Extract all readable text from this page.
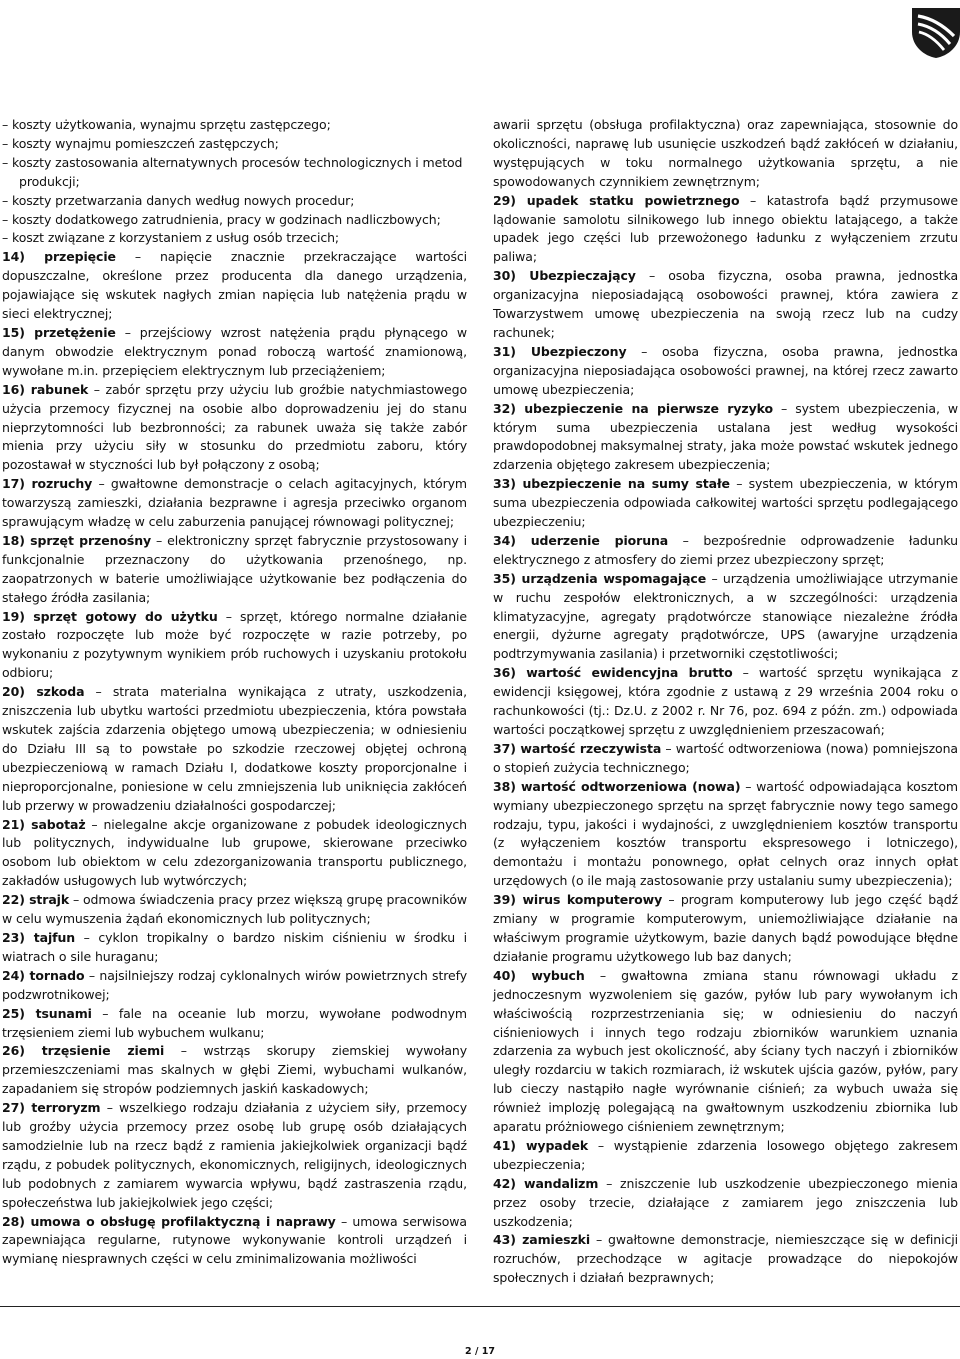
– koszty użytkowania, wynajmu sprzętu zastępczego;

– koszty wynajmu pomieszczeń zastępczych;

– koszty zastosowania alternatywnych procesów technologicznych i metod produkcji;

– koszty przetwarzania danych według nowych procedur;

– koszty dodatkowego zatrudnienia, pracy w godzinach nadliczbowych;

– koszt związane z korzystaniem z usług osób trzecich;

14) przepięcie – napięcie znacznie przekraczające wartości dopuszczalne, określone przez producenta dla danego urządzenia, pojawiające się wskutek nagłych zmian napięcia lub natężenia prądu w sieci elektrycznej;

15) przetężenie – przejściowy wzrost natężenia prądu płynącego w danym obwodzie elektrycznym ponad roboczą wartość znamionową, wywołane m.in. przepięciem elektrycznym lub przeciążeniem;

16) rabunek – zabór sprzętu przy użyciu lub groźbie natychmiastowego użycia przemocy fizycznej na osobie albo doprowadzeniu jej do stanu nieprzytomności lub bezbronności; za rabunek uważa się także zabór mienia przy użyciu siły w stosunku do przedmiotu zaboru, który pozostawał w styczności lub był połączony z osobą;

17) rozruchy – gwałtowne demonstracje o celach agitacyjnych, którym towarzyszą zamieszki, działania bezprawne i agresja przeciwko organom sprawującym władzę w celu zaburzenia panującej równowagi politycznej;

18) sprzęt przenośny – elektroniczny sprzęt fabrycznie przystosowany i funkcjonalnie przeznaczony do użytkowania przenośnego, np. zaopatrzonych w baterie umożliwiające użytkowanie bez podłączenia do stałego źródła zasilania;

19) sprzęt gotowy do użytku – sprzęt, którego normalne działanie zostało rozpoczęte lub może być rozpoczęte w razie potrzeby, po wykonaniu z pozytywnym wynikiem prób ruchowych i uzyskaniu protokołu odbioru;

20) szkoda – strata materialna wynikająca z utraty, uszkodzenia, zniszczenia lub ubytku wartości przedmiotu ubezpieczenia, która powstała wskutek zajścia zdarzenia objętego umową ubezpieczenia; w odniesieniu do Działu III są to powstałe po szkodzie rzeczowej objętej ochroną ubezpieczeniową w ramach Działu I, dodatkowe koszty proporcjonalne i nieproporcjonalne, poniesione w celu zmniejszenia lub uniknięcia zakłóceń lub przerwy w prowadzeniu działalności gospodarczej;

21) sabotaż – nielegalne akcje organizowane z pobudek ideologicznych lub politycznych, indywidualne lub grupowe, skierowane przeciwko osobom lub obiektom w celu zdezorganizowania transportu publicznego, zakładów usługowych lub wytwórczych;

22) strajk – odmowa świadczenia pracy przez większą grupę pracowników w celu wymuszenia żądań ekonomicznych lub politycznych;

23) tajfun – cyklon tropikalny o bardzo niskim ciśnieniu w środku i wiatrach o sile huraganu;

24) tornado – najsilniejszy rodzaj cyklonalnych wirów powietrznych strefy podzwrotnikowej;

25) tsunami – fale na oceanie lub morzu, wywołane podwodnym trzęsieniem ziemi lub wybuchem wulkanu;

26) trzęsienie ziemi – wstrząs skorupy ziemskiej wywołany przemieszczeniami mas skalnych w głębi Ziemi, wybuchami wulkanów, zapadaniem się stropów podziemnych jaskiń kaskadowych;

27) terroryzm – wszelkiego rodzaju działania z użyciem siły, przemocy lub groźby użycia przemocy przez osobę lub grupę osób działających samodzielnie lub na rzecz bądź z ramienia jakiejkolwiek organizacji bądź rządu, z pobudek politycznych, ekonomicznych, religijnych, ideologicznych lub podobnych z zamiarem wywarcia wpływu, bądź zastraszenia rządu, społeczeństwa lub jakiejkolwiek jego części;

28) umowa o obsługę profilaktyczną i naprawy – umowa serwisowa zapewniająca regularne, rutynowe wykonywanie kontroli urządzeń i wymianę niesprawnych części w celu zminimalizowania możliwości

awarii sprzętu (obsługa profilaktyczna) oraz zapewniająca, stosownie do okoliczności, naprawę lub usunięcie uszkodzeń bądź zakłóceń w działaniu, występujących w toku normalnego użytkowania sprzętu, a nie spowodowanych czynnikiem zewnętrznym;

29) upadek statku powietrznego – katastrofa bądź przymusowe lądowanie samolotu silnikowego lub innego obiektu latającego, a także upadek jego części lub przewożonego ładunku z wyłączeniem zrzutu paliwa;

30) Ubezpieczający – osoba fizyczna, osoba prawna, jednostka organizacyjna nieposiadającą osobowości prawnej, która zawiera z Towarzystwem umowę ubezpieczenia na swoją rzecz lub na cudzy rachunek;

31) Ubezpieczony – osoba fizyczna, osoba prawna, jednostka organizacyjna nieposiadająca osobowości prawnej, na której rzecz zawarto umowę ubezpieczenia;

32) ubezpieczenie na pierwsze ryzyko – system ubezpieczenia, w którym suma ubezpieczenia ustalana jest według wysokości prawdopodobnej maksymalnej straty, jaka może powstać wskutek jednego zdarzenia objętego zakresem ubezpieczenia;

33) ubezpieczenie na sumy stałe – system ubezpieczenia, w którym suma ubezpieczenia odpowiada całkowitej wartości sprzętu podlegającego ubezpieczeniu;

34) uderzenie pioruna – bezpośrednie odprowadzenie ładunku elektrycznego z atmosfery do ziemi przez ubezpieczony sprzęt;

35) urządzenia wspomagające – urządzenia umożliwiające utrzymanie w ruchu zespołów elektronicznych, a w szczególności: urządzenia klimatyzacyjne, agregaty prądotwórcze stanowiące niezależne źródła energii, dyżurne agregaty prądotwórcze, UPS (awaryjne urządzenia podtrzymywania zasilania) i przetworniki częstotliwości;

36) wartość ewidencyjna brutto – wartość sprzętu wynikająca z ewidencji księgowej, która zgodnie z ustawą z 29 września 2004 roku o rachunkowości (tj.: Dz.U. z 2002 r. Nr 76, poz. 694 z późn. zm.) odpowiada wartości początkowej sprzętu z uwzględnieniem przeszacowań;

37) wartość rzeczywista – wartość odtworzeniowa (nowa) pomniejszona o stopień zużycia technicznego;

38) wartość odtworzeniowa (nowa) – wartość odpowiadająca kosztom wymiany ubezpieczonego sprzętu na sprzęt fabrycznie nowy tego samego rodzaju, typu, jakości i wydajności, z uwzględnieniem kosztów transportu (z wyłączeniem kosztów transportu ekspresowego i lotniczego), demontażu i montażu ponownego, opłat celnych oraz innych opłat urzędowych (o ile mają zastosowanie przy ustalaniu sumy ubezpieczenia);

39) wirus komputerowy – program komputerowy lub jego część bądź zmiany w programie komputerowym, uniemożliwiające działanie na właściwym programie użytkowym, bazie danych bądź powodujące błędne działanie programu użytkowego lub baz danych;

40) wybuch – gwałtowna zmiana stanu równowagi układu z jednoczesnym wyzwoleniem się gazów, pyłów lub pary wywołanym ich właściwością rozprzestrzeniania się; w odniesieniu do naczyń ciśnieniowych i innych tego rodzaju zbiorników warunkiem uznania zdarzenia za wybuch jest okoliczność, aby ściany tych naczyń i zbiorników uległy rozdarciu w takich rozmiarach, iż wskutek ujścia gazów, pyłów, pary lub cieczy nastąpiło nagłe wyrównanie ciśnień; za wybuch uważa się również implozję polegającą na gwałtownym uszkodzeniu zbiornika lub aparatu próżniowego ciśnieniem zewnętrznym;

41) wypadek – wystąpienie zdarzenia losowego objętego zakresem ubezpieczenia;

42) wandalizm – zniszczenie lub uszkodzenie ubezpieczonego mienia przez osoby trzecie, działające z zamiarem jego zniszczenia lub uszkodzenia;

43) zamieszki – gwałtowne demonstracje, niemieszczące się w definicji rozruchów, przechodzące w agitacje prowadzące do niepokojów społecznych i działań bezprawnych;

2 / 17
